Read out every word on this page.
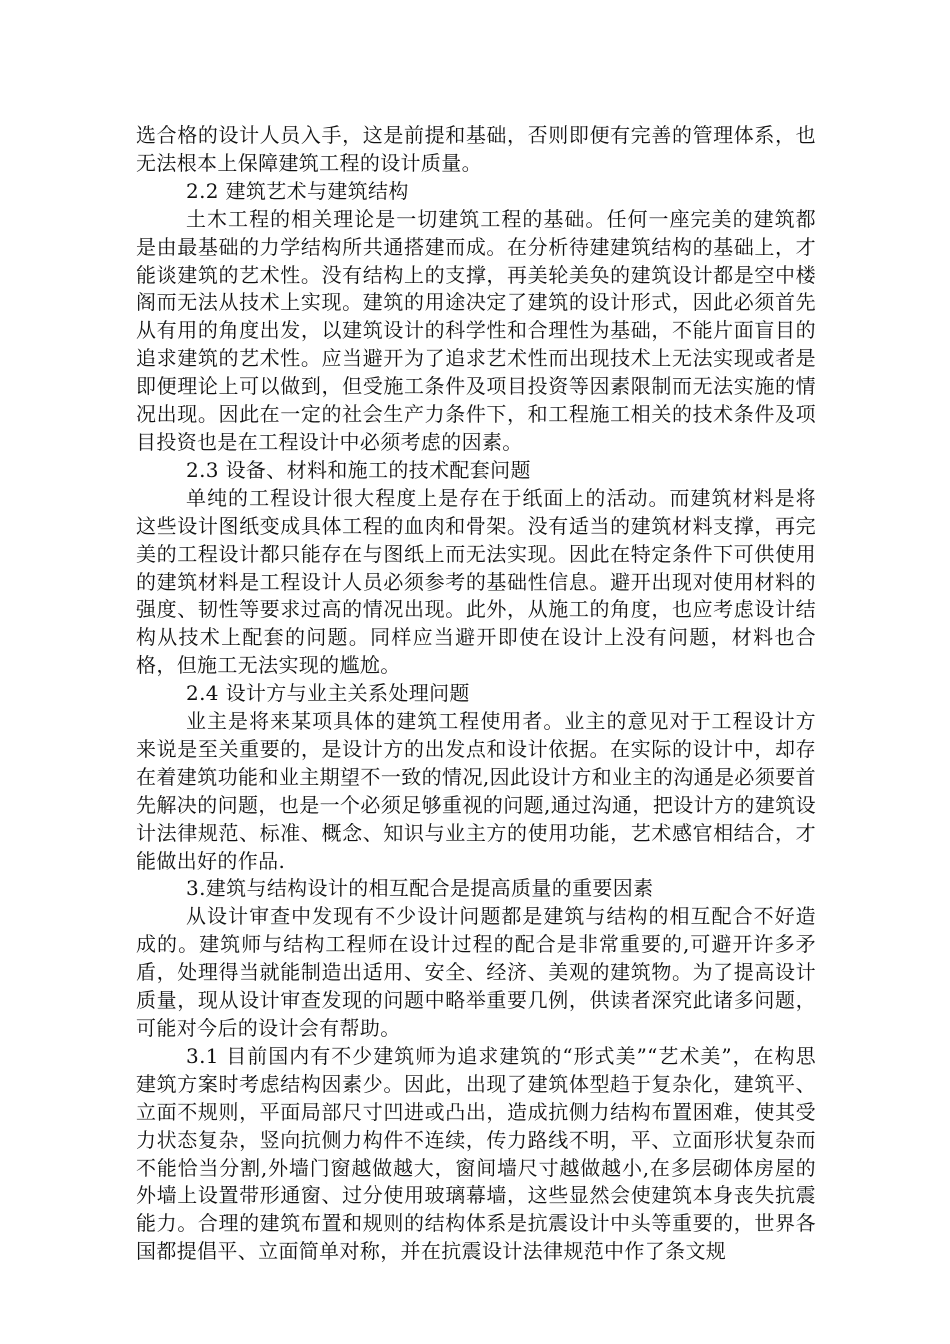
选合格的设计人员入手，这是前提和基础，否则即便有完善的管理体系，也无法根本上保障建筑工程的设计质量。

2.2 建筑艺术与建筑结构

土木工程的相关理论是一切建筑工程的基础。任何一座完美的建筑都是由最基础的力学结构所共通搭建而成。在分析待建建筑结构的基础上，才能谈建筑的艺术性。没有结构上的支撑，再美轮美奂的建筑设计都是空中楼阁而无法从技术上实现。建筑的用途决定了建筑的设计形式，因此必须首先从有用的角度出发，以建筑设计的科学性和合理性为基础，不能片面盲目的追求建筑的艺术性。应当避开为了追求艺术性而出现技术上无法实现或者是即便理论上可以做到，但受施工条件及项目投资等因素限制而无法实施的情况出现。因此在一定的社会生产力条件下，和工程施工相关的技术条件及项目投资也是在工程设计中必须考虑的因素。

2.3 设备、材料和施工的技术配套问题

单纯的工程设计很大程度上是存在于纸面上的活动。而建筑材料是将这些设计图纸变成具体工程的血肉和骨架。没有适当的建筑材料支撑，再完美的工程设计都只能存在与图纸上而无法实现。因此在特定条件下可供使用的建筑材料是工程设计人员必须参考的基础性信息。避开出现对使用材料的强度、韧性等要求过高的情况出现。此外，从施工的角度，也应考虑设计结构从技术上配套的问题。同样应当避开即使在设计上没有问题，材料也合格，但施工无法实现的尴尬。

2.4 设计方与业主关系处理问题

业主是将来某项具体的建筑工程使用者。业主的意见对于工程设计方来说是至关重要的，是设计方的出发点和设计依据。在实际的设计中，却存在着建筑功能和业主期望不一致的情况,因此设计方和业主的沟通是必须要首先解决的问题，也是一个必须足够重视的问题,通过沟通，把设计方的建筑设计法律规范、标准、概念、知识与业主方的使用功能，艺术感官相结合，才能做出好的作品.

3.建筑与结构设计的相互配合是提高质量的重要因素

从设计审查中发现有不少设计问题都是建筑与结构的相互配合不好造成的。建筑师与结构工程师在设计过程的配合是非常重要的,可避开许多矛盾，处理得当就能制造出适用、安全、经济、美观的建筑物。为了提高设计质量，现从设计审查发现的问题中略举重要几例，供读者深究此诸多问题，可能对今后的设计会有帮助。

3.1 目前国内有不少建筑师为追求建筑的“形式美”“艺术美”，在构思建筑方案时考虑结构因素少。因此，出现了建筑体型趋于复杂化，建筑平、立面不规则，平面局部尺寸凹进或凸出，造成抗侧力结构布置困难，使其受力状态复杂，竖向抗侧力构件不连续，传力路线不明，平、立面形状复杂而不能恰当分割,外墙门窗越做越大，窗间墙尺寸越做越小,在多层砌体房屋的外墙上设置带形通窗、过分使用玻璃幕墙，这些显然会使建筑本身丧失抗震能力。合理的建筑布置和规则的结构体系是抗震设计中头等重要的，世界各国都提倡平、立面简单对称，并在抗震设计法律规范中作了条文规
